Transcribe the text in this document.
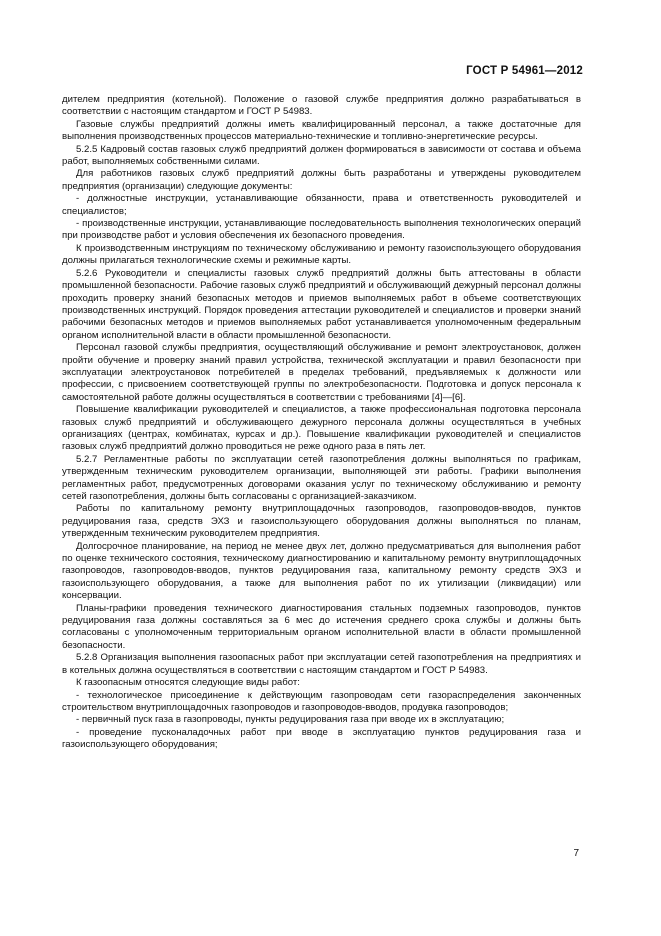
ГОСТ Р 54961—2012

дителем предприятия (котельной). Положение о газовой службе предприятия должно разрабатываться в соответствии с настоящим стандартом и ГОСТ Р 54983.

Газовые службы предприятий должны иметь квалифицированный персонал, а также достаточные для выполнения производственных процессов материально-технические и топливно-энергетические ресурсы.

5.2.5 Кадровый состав газовых служб предприятий должен формироваться в зависимости от состава и объема работ, выполняемых собственными силами.

Для работников газовых служб предприятий должны быть разработаны и утверждены руководителем предприятия (организации) следующие документы:

- должностные инструкции, устанавливающие обязанности, права и ответственность руководителей и специалистов;

- производственные инструкции, устанавливающие последовательность выполнения технологических операций при производстве работ и условия обеспечения их безопасного проведения.

К производственным инструкциям по техническому обслуживанию и ремонту газоиспользующего оборудования должны прилагаться технологические схемы и режимные карты.

5.2.6 Руководители и специалисты газовых служб предприятий должны быть аттестованы в области промышленной безопасности. Рабочие газовых служб предприятий и обслуживающий дежурный персонал должны проходить проверку знаний безопасных методов и приемов выполняемых работ в объеме соответствующих производственных инструкций. Порядок проведения аттестации руководителей и специалистов и проверки знаний рабочими безопасных методов и приемов выполняемых работ устанавливается уполномоченным федеральным органом исполнительной власти в области промышленной безопасности.

Персонал газовой службы предприятия, осуществляющий обслуживание и ремонт электроустановок, должен пройти обучение и проверку знаний правил устройства, технической эксплуатации и правил безопасности при эксплуатации электроустановок потребителей в пределах требований, предъявляемых к должности или профессии, с присвоением соответствующей группы по электробезопасности. Подготовка и допуск персонала к самостоятельной работе должны осуществляться в соответствии с требованиями [4]—[6].

Повышение квалификации руководителей и специалистов, а также профессиональная подготовка персонала газовых служб предприятий и обслуживающего дежурного персонала должны осуществляться в учебных организациях (центрах, комбинатах, курсах и др.). Повышение квалификации руководителей и специалистов газовых служб предприятий должно проводиться не реже одного раза в пять лет.

5.2.7 Регламентные работы по эксплуатации сетей газопотребления должны выполняться по графикам, утвержденным техническим руководителем организации, выполняющей эти работы. Графики выполнения регламентных работ, предусмотренных договорами оказания услуг по техническому обслуживанию и ремонту сетей газопотребления, должны быть согласованы с организацией-заказчиком.

Работы по капитальному ремонту внутриплощадочных газопроводов, газопроводов-вводов, пунктов редуцирования газа, средств ЭХЗ и газоиспользующего оборудования должны выполняться по планам, утвержденным техническим руководителем предприятия.

Долгосрочное планирование, на период не менее двух лет, должно предусматриваться для выполнения работ по оценке технического состояния, техническому диагностированию и капитальному ремонту внутриплощадочных газопроводов, газопроводов-вводов, пунктов редуцирования газа, капитальному ремонту средств ЭХЗ и газоиспользующего оборудования, а также для выполнения работ по их утилизации (ликвидации) или консервации.

Планы-графики проведения технического диагностирования стальных подземных газопроводов, пунктов редуцирования газа должны составляться за 6 мес до истечения среднего срока службы и должны быть согласованы с уполномоченным территориальным органом исполнительной власти в области промышленной безопасности.

5.2.8 Организация выполнения газоопасных работ при эксплуатации сетей газопотребления на предприятиях и в котельных должна осуществляться в соответствии с настоящим стандартом и ГОСТ Р 54983.

К газоопасным относятся следующие виды работ:

- технологическое присоединение к действующим газопроводам сети газораспределения законченных строительством внутриплощадочных газопроводов и газопроводов-вводов, продувка газопроводов;

- первичный пуск газа в газопроводы, пункты редуцирования газа при вводе их в эксплуатацию;

- проведение пусконаладочных работ при вводе в эксплуатацию пунктов редуцирования газа и газоиспользующего оборудования;

7
